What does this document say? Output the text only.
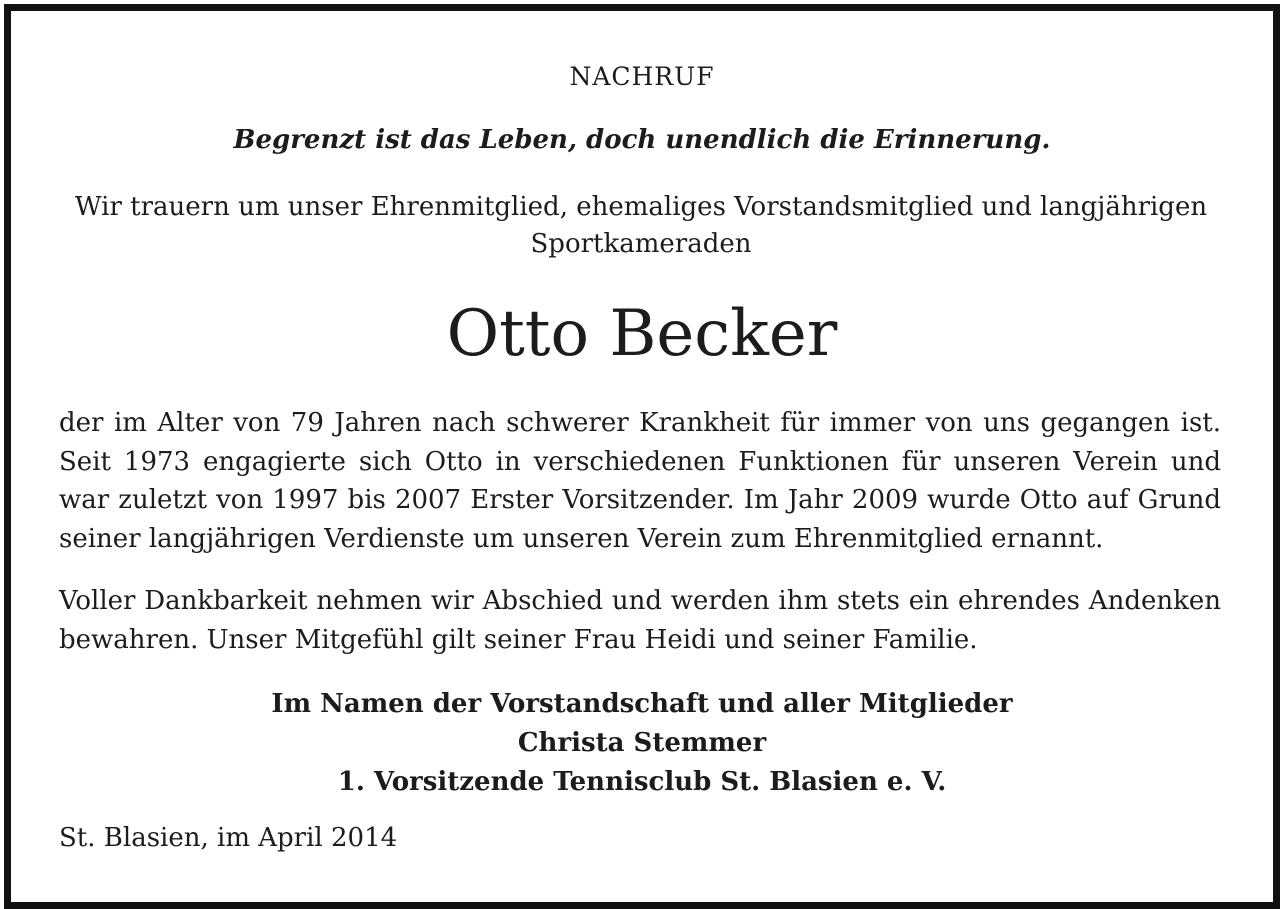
NACHRUF
Begrenzt ist das Leben, doch unendlich die Erinnerung.
Wir trauern um unser Ehrenmitglied, ehemaliges Vorstandsmitglied und langjährigen Sportkameraden
Otto Becker
der im Alter von 79 Jahren nach schwerer Krankheit für immer von uns gegangen ist. Seit 1973 engagierte sich Otto in verschiedenen Funktionen für unseren Verein und war zuletzt von 1997 bis 2007 Erster Vorsitzender. Im Jahr 2009 wurde Otto auf Grund seiner langjährigen Verdienste um unseren Verein zum Ehrenmitglied ernannt.
Voller Dankbarkeit nehmen wir Abschied und werden ihm stets ein ehrendes Andenken bewahren. Unser Mitgefühl gilt seiner Frau Heidi und seiner Familie.
Im Namen der Vorstandschaft und aller Mitglieder
Christa Stemmer
1. Vorsitzende Tennisclub St. Blasien e. V.
St. Blasien, im April 2014
